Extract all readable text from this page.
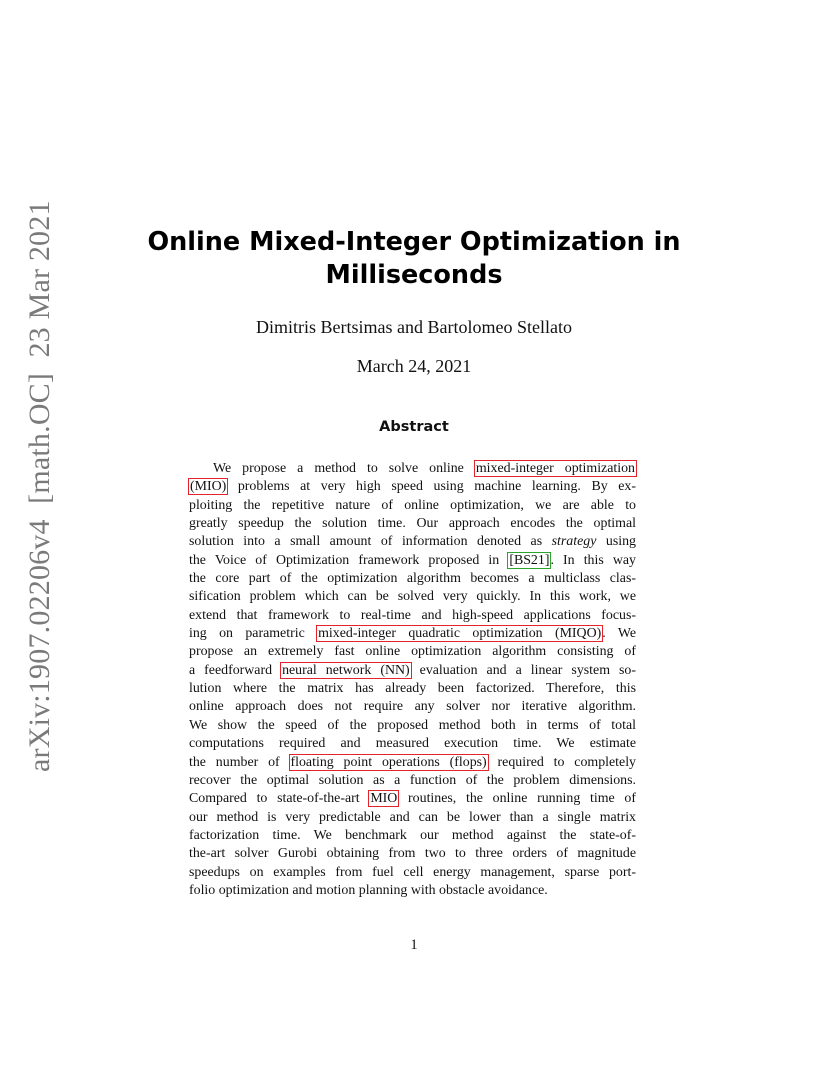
arXiv:1907.02206v4  [math.OC]  23 Mar 2021	Online Mixed-Integer Optimization in
Milliseconds
Dimitris Bertsimas and Bartolomeo Stellato
March 24, 2021
Abstract
We propose a method to solve online mixed-integer optimization
(MIO) problems at very high speed using machine learning. By ex-
ploiting the repetitive nature of online optimization, we are able to
greatly speedup the solution time. Our approach encodes the optimal
solution into a small amount of information denoted as strategy using
the Voice of Optimization framework proposed in [BS21]. In this way
the core part of the optimization algorithm becomes a multiclass clas-
sification problem which can be solved very quickly. In this work, we
extend that framework to real-time and high-speed applications focus-
ing on parametric mixed-integer quadratic optimization (MIQO). We
propose an extremely fast online optimization algorithm consisting of
a feedforward neural network (NN) evaluation and a linear system so-
lution where the matrix has already been factorized. Therefore, this
online approach does not require any solver nor iterative algorithm.
We show the speed of the proposed method both in terms of total
computations required and measured execution time. We estimate
the number of floating point operations (flops) required to completely
recover the optimal solution as a function of the problem dimensions.
Compared to state-of-the-art MIO routines, the online running time of
our method is very predictable and can be lower than a single matrix
factorization time. We benchmark our method against the state-of-
the-art solver Gurobi obtaining from two to three orders of magnitude
speedups on examples from fuel cell energy management, sparse port-
folio optimization and motion planning with obstacle avoidance.
1
